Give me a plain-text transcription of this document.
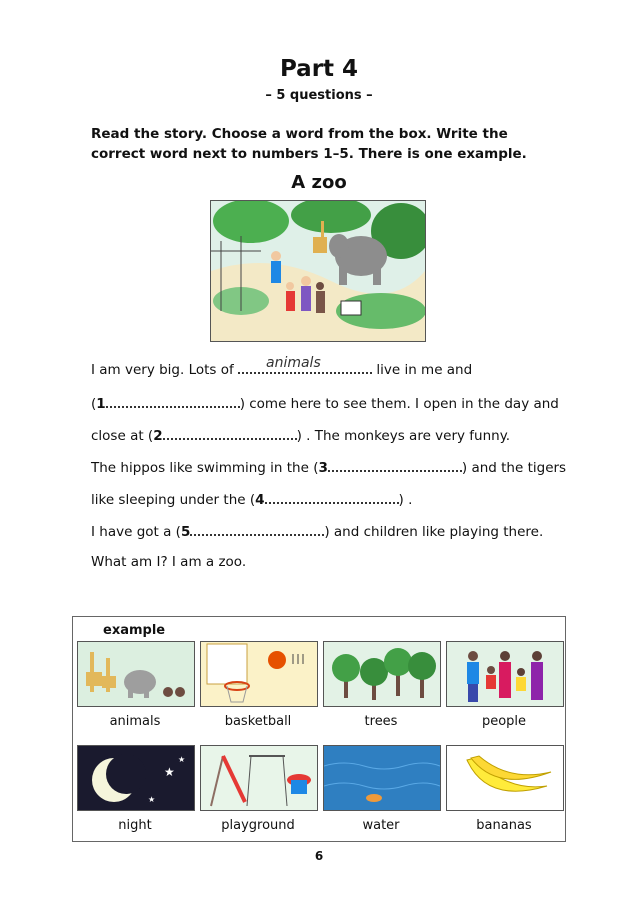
Part 4
– 5 questions –
Read the story. Choose a word from the box. Write the correct word next to numbers 1–5. There is one example.
A zoo
I am very big. Lots of	live in me and
animals
(1	) come here to see them. I open in the day and
close at (2	) . The monkeys are very funny.
The hippos like swimming in the (3	) and the tigers
like sleeping under the (4	) .
I have got a (5	) and children like playing there.
What am I? I am a zoo.
example
animals	basketball	trees	people
★
★
★
night	playground	water	bananas
6
